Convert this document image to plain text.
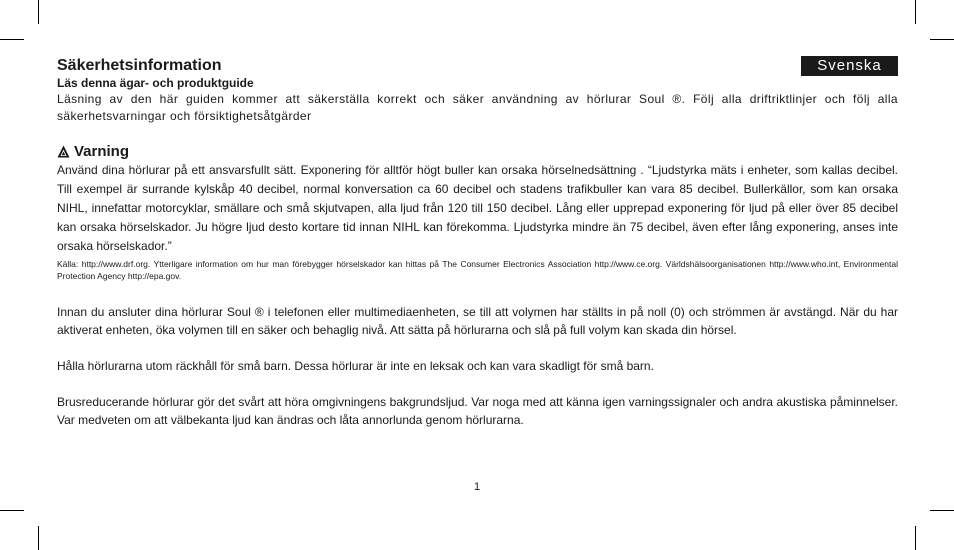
Svenska
Säkerhetsinformation

Läs denna ägar- och produktguide

Läsning av den här guiden kommer att säkerställa korrekt och säker användning av hörlurar Soul ®. Följ alla driftriktlinjer och följ alla säkerhetsvarningar och försiktighetsåtgärder

Varning

Använd dina hörlurar på ett ansvarsfullt sätt. Exponering för alltför högt buller kan orsaka hörselnedsättning . “Ljudstyrka mäts i enheter, som kallas decibel. Till exempel är surrande kylskåp 40 decibel, normal konversation ca 60 decibel och stadens trafikbuller kan vara 85 decibel. Bullerkällor, som kan orsaka NIHL, innefattar motorcyklar, smällare och små skjutvapen, alla ljud från 120 till 150 decibel. Lång eller upprepad exponering för ljud på eller över 85 decibel kan orsaka hörselskador. Ju högre ljud desto kortare tid innan NIHL kan förekomma. Ljudstyrka mindre än 75 decibel, även efter lång exponering, anses inte orsaka hörselskador.”

Källa: http://www.drf.org. Ytterligare information om hur man förebygger hörselskador kan hittas på The Consumer Electronics Association http://www.ce.org. Världshälsoorganisationen http://www.who.int, Environmental Protection Agency http://epa.gov.

Innan du ansluter dina hörlurar Soul ® i telefonen eller multimediaenheten, se till att volymen har ställts in på noll (0) och strömmen är avstängd. När du har aktiverat enheten, öka volymen till en säker och behaglig nivå. Att sätta på hörlurarna och slå på full volym kan skada din hörsel.

Hålla hörlurarna utom räckhåll för små barn. Dessa hörlurar är inte en leksak och kan vara skadligt för små barn.

Brusreducerande hörlurar gör det svårt att höra omgivningens bakgrundsljud. Var noga med att känna igen varningssignaler och andra akustiska påminnelser. Var medveten om att välbekanta ljud kan ändras och låta annorlunda genom hörlurarna.

1
